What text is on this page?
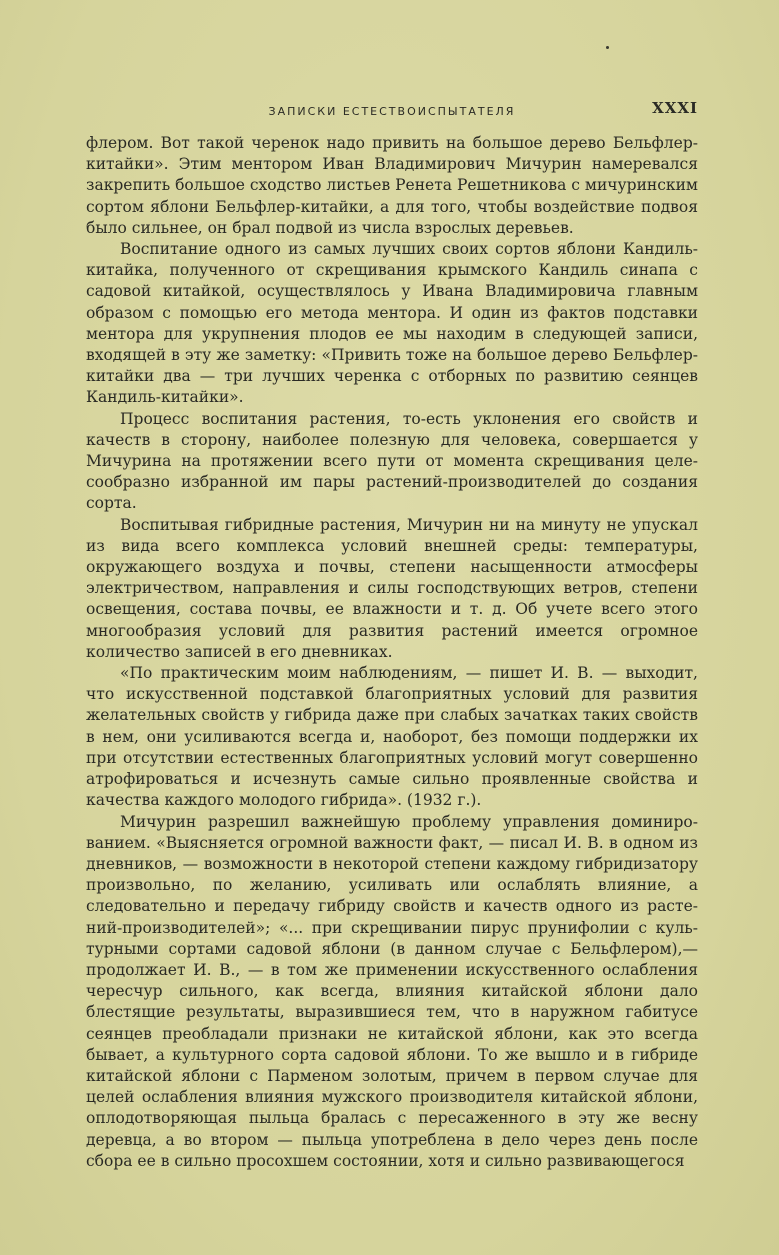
ЗАПИСКИ ЕСТЕСТВОИСПЫТАТЕЛЯ	XXXI

флером. Вот такой черенок надо привить на большое дерево Бельфлер-китайки». Этим ментором Иван Владимирович Мичурин намеревался закрепить большое сходство листьев Ренета Решетникова с мичуринским сортом яблони Бельфлер-китайки, а для того, чтобы воздействие подвоя было сильнее, он брал подвой из числа взрослых деревьев.

Воспитание одного из самых лучших своих сортов яблони Кандиль-китайка, полученного от скрещивания крымского Кандиль синапа с садовой китайкой, осуществлялось у Ивана Владимировича главным образом с помощью его метода ментора. И один из фактов подставки ментора для укрупнения плодов ее мы находим в следующей записи, входящей в эту же заметку: «Привить тоже на большое дерево Бельфлер-китайки два — три лучших черенка с отборных по развитию сеянцев Кандиль-китайки».

Процесс воспитания растения, то-есть уклонения его свойств и качеств в сторону, наиболее полезную для человека, совершается у Мичурина на протяжении всего пути от момента скрещивания целесообразно избранной им пары растений-производителей до создания сорта.

Воспитывая гибридные растения, Мичурин ни на минуту не упускал из вида всего комплекса условий внешней среды: температуры, окружающего воздуха и почвы, степени насыщенности атмосферы электричеством, направления и силы господствующих ветров, степени освещения, состава почвы, ее влажности и т. д. Об учете всего этого многообразия условий для развития растений имеется огромное количество записей в его дневниках.

«По практическим моим наблюдениям, — пишет И. В. — выходит, что искусственной подставкой благоприятных условий для развития желательных свойств у гибрида даже при слабых зачатках таких свойств в нем, они усиливаются всегда и, наоборот, без помощи поддержки их при отсутствии естественных благоприятных условий могут совершенно атрофироваться и исчезнуть самые сильно проявленные свойства и качества каждого молодого гибрида». (1932 г.).

Мичурин разрешил важнейшую проблему управления доминированием. «Выясняется огромной важности факт, — писал И. В. в одном из дневников, — возможности в некоторой степени каждому гибридизатору произвольно, по желанию, усиливать или ослаблять влияние, а следовательно и передачу гибриду свойств и качеств одного из растений-производителей»; «... при скрещивании пирус прунифолии с культурными сортами садовой яблони (в данном случае с Бельфлером),— продолжает И. В., — в том же применении искусственного ослабления чересчур сильного, как всегда, влияния китайской яблони дало блестящие результаты, выразившиеся тем, что в наружном габитусе сеянцев преобладали признаки не китайской яблони, как это всегда бывает, а культурного сорта садовой яблони. То же вышло и в гибриде китайской яблони с Парменом золотым, причем в первом случае для целей ослабления влияния мужского производителя китайской яблони, оплодотворяющая пыльца бралась с пересаженного в эту же весну деревца, а во втором — пыльца употреблена в дело через день после сбора ее в сильно просохшем состоянии, хотя и сильно развивающегося
